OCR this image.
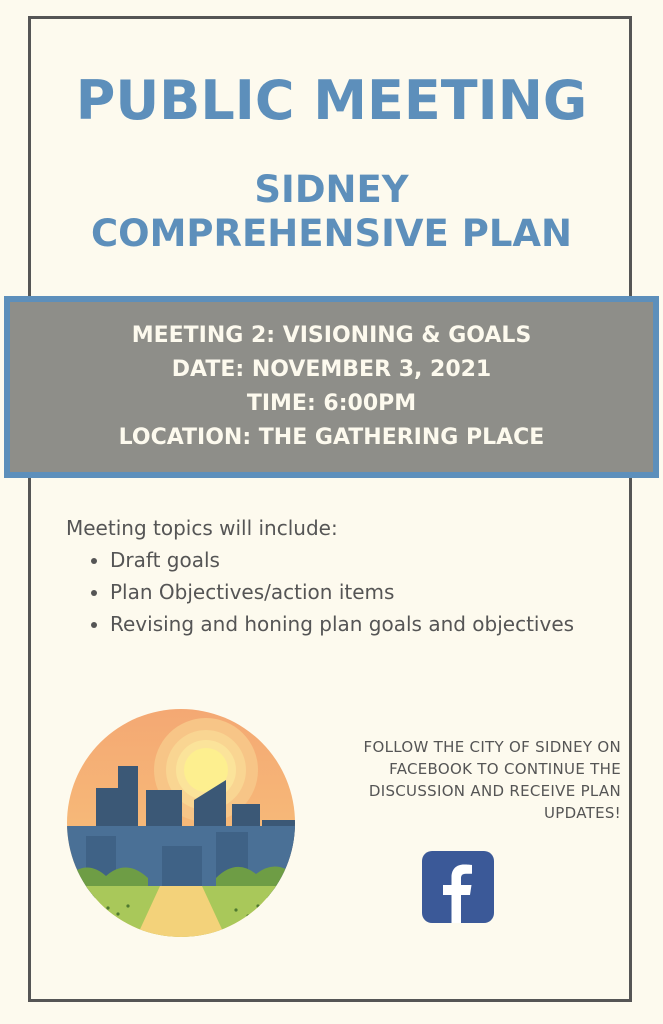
PUBLIC MEETING
SIDNEY
COMPREHENSIVE PLAN
MEETING 2: VISIONING & GOALS
DATE: NOVEMBER 3, 2021
TIME: 6:00PM
LOCATION: THE GATHERING PLACE

Meeting topics will include:

• Draft goals
• Plan Objectives/action items
• Revising and honing plan goals and objectives
FOLLOW THE CITY OF SIDNEY ON FACEBOOK TO CONTINUE THE DISCUSSION AND RECEIVE PLAN UPDATES!
